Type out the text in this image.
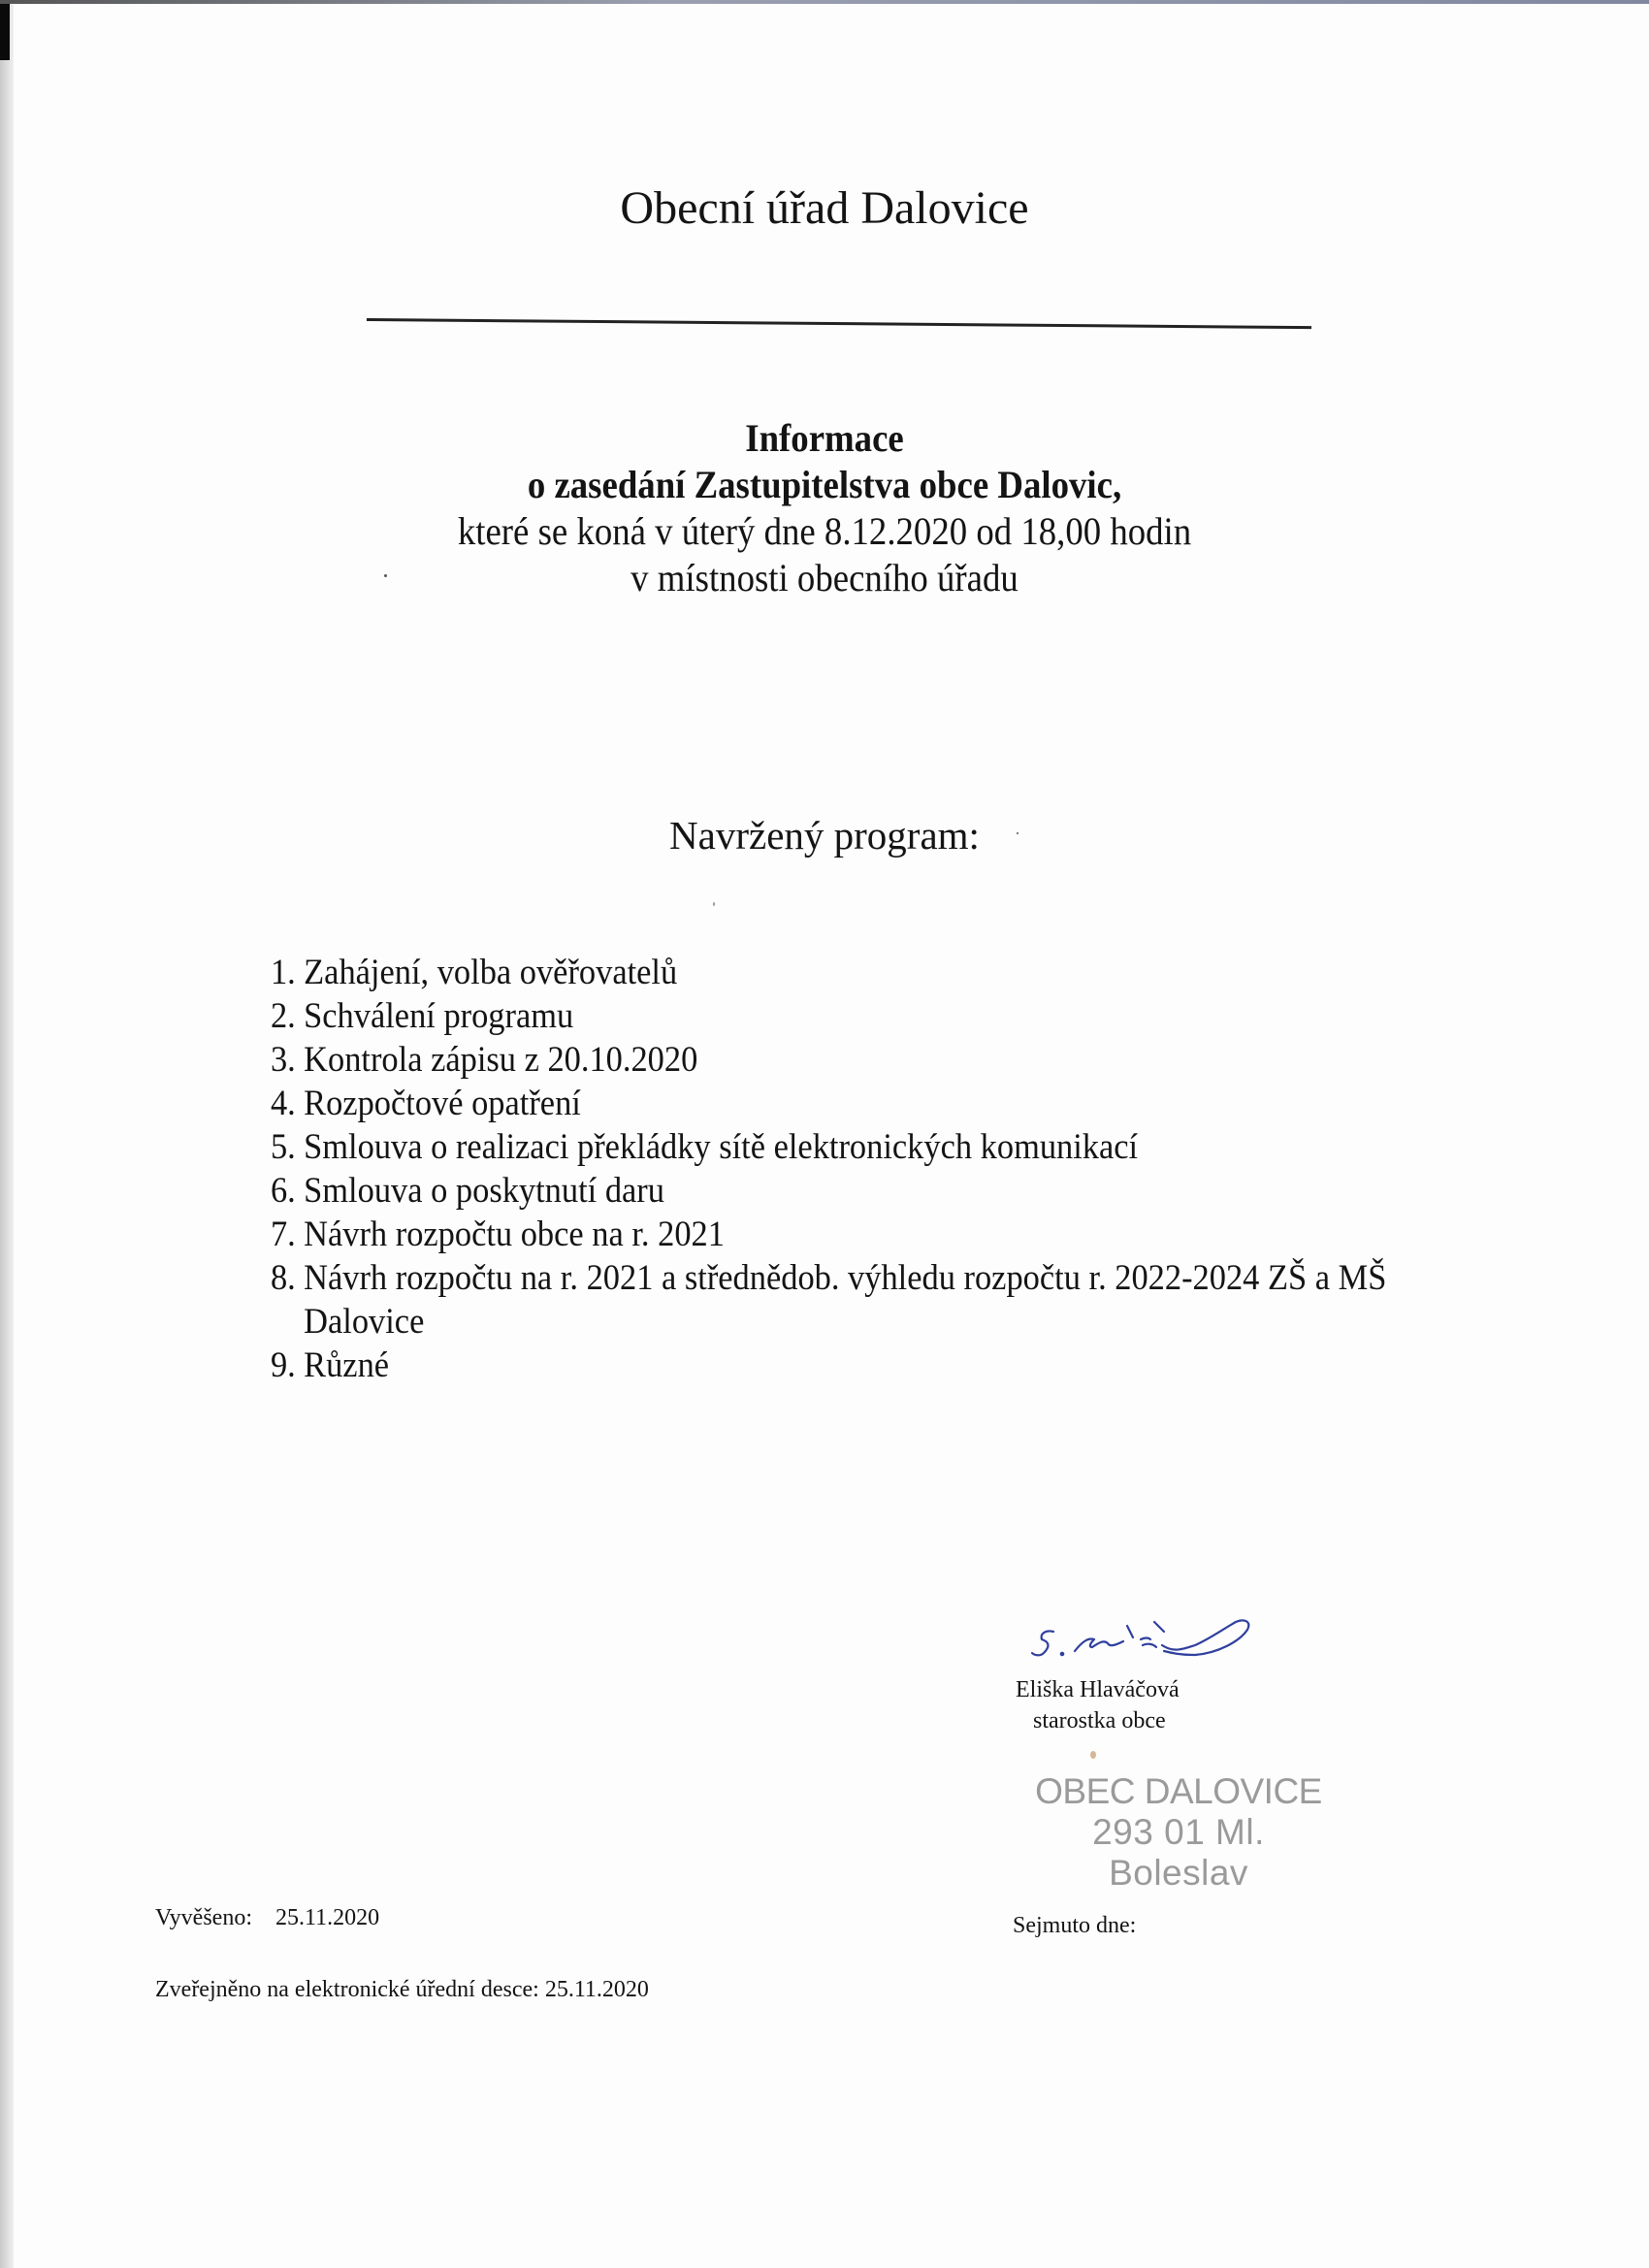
Obecní úřad Dalovice
Informace
o zasedání Zastupitelstva obce Dalovic,
které se koná v úterý dne 8.12.2020 od 18,00 hodin
v místnosti obecního úřadu
Navržený program:
1. Zahájení, volba ověřovatelů
2. Schválení programu
3. Kontrola zápisu z 20.10.2020
4. Rozpočtové opatření
5. Smlouva o realizaci překládky sítě elektronických komunikací
6. Smlouva o poskytnutí daru
7. Návrh rozpočtu obce na r. 2021
8. Návrh rozpočtu na r. 2021 a střednědob. výhledu rozpočtu r. 2022-2024 ZŠ a MŠ Dalovice
9. Různé
Eliška Hlaváčová
starostka obce
OBEC DALOVICE
293 01 Ml. Boleslav
Vyvěšeno: 25.11.2020	Sejmuto dne:
Zveřejněno na elektronické úřední desce: 25.11.2020
